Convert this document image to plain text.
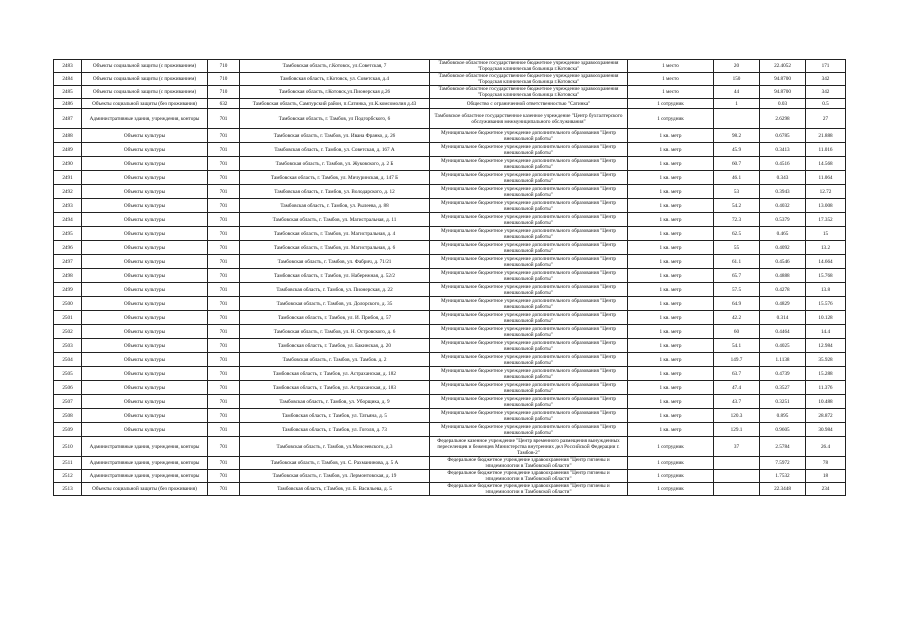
2483	Объекты социальной защиты (с проживанием)	710	Тамбовская область, г.Котовск, ул.Советская, 7	Тамбовское областное государственное бюджетное учреждение здравоохранения "Городская клиническая больница г.Котовска"	1 место	20	22.4052	171
2484	Объекты социальной защиты (с проживанием)	710	Тамбовская область, г.Котовск, ул. Советская, д.4	Тамбовское областное государственное бюджетное учреждение здравоохранения "Городская клиническая больница г.Котовска"	1 место	150	94.8700	342
2485	Объекты социальной защиты (с проживанием)	710	Тамбовская область, г.Котовск,ул.Пионерская д.26	Тамбовское областное государственное бюджетное учреждение здравоохранения "Городская клиническая больница г.Котовска"	1 место	44	94.8700	342
2486	Объекты социальной защиты (без проживания)	632	Тамбовская область, Сампурский район, п.Сатинка, ул.К.комсомолия д.43	Общество с ограниченной ответственностью "Сатинка"	1 сотрудник	1	0.03	0.5
2487	Административные здания, учреждения, конторы	701	Тамбовская область, г. Тамбов, ул Подгорбского, 6	Тамбовское областное государственное казенное учреждение "Центр бухгалтерского обслуживания межмуниципального обслуживания"	1 сотрудник		2.6298	27
2488	Объекты культуры	701	Тамбовская область, г. Тамбов, ул. Ивана Франко, д. 26	Муниципальное бюджетное учреждение дополнительного образования "Центр внешкольной работы"	1 кв. метр	98.2	0.6785	21.888
2489	Объекты культуры	701	Тамбовская область, г. Тамбов, ул. Советская, д. 167 А	Муниципальное бюджетное учреждение дополнительного образования "Центр внешкольной работы"	1 кв. метр	45.9	0.3413	11.016
2490	Объекты культуры	701	Тамбовская область, г. Тамбов, ул. Жуковского, д. 2 Б	Муниципальное бюджетное учреждение дополнительного образования "Центр внешкольной работы"	1 кв. метр	60.7	0.4516	14.568
2491	Объекты культуры	701	Тамбовская область, г. Тамбов, ул. Мичуринская, д. 147 Б	Муниципальное бюджетное учреждение дополнительного образования "Центр внешкольной работы"	1 кв. метр	46.1	0.343	11.064
2492	Объекты культуры	701	Тамбовская область, г. Тамбов, ул. Володарского, д. 12	Муниципальное бюджетное учреждение дополнительного образования "Центр внешкольной работы"	1 кв. метр	53	0.3943	12.72
2493	Объекты культуры	701	Тамбовская область, г. Тамбов, ул. Рылеева, д. 88	Муниципальное бюджетное учреждение дополнительного образования "Центр внешкольной работы"	1 кв. метр	54.2	0.4032	13.008
2494	Объекты культуры	701	Тамбовская область, г. Тамбов, ул. Магистральная, д. 11	Муниципальное бюджетное учреждение дополнительного образования "Центр внешкольной работы"	1 кв. метр	72.3	0.5379	17.352
2495	Объекты культуры	701	Тамбовская область, г. Тамбов, ул. Магистральная, д. 4	Муниципальное бюджетное учреждение дополнительного образования "Центр внешкольной работы"	1 кв. метр	62.5	0.465	15
2496	Объекты культуры	701	Тамбовская область, г. Тамбов, ул. Магистральная, д. 6	Муниципальное бюджетное учреждение дополнительного образования "Центр внешкольной работы"	1 кв. метр	55	0.4092	13.2
2497	Объекты культуры	701	Тамбовская область, г. Тамбов, ул. Фабрич, д. 71/21	Муниципальное бюджетное учреждение дополнительного образования "Центр внешкольной работы"	1 кв. метр	61.1	0.4546	14.664
2498	Объекты культуры	701	Тамбовская область, г. Тамбов, ул. Набережная, д. 52/2	Муниципальное бюджетное учреждение дополнительного образования "Центр внешкольной работы"	1 кв. метр	65.7	0.4888	15.768
2499	Объекты культуры	701	Тамбовская область, г. Тамбов, ул. Пионерская, д. 22	Муниципальное бюджетное учреждение дополнительного образования "Центр внешкольной работы"	1 кв. метр	57.5	0.4278	13.8
2500	Объекты культуры	701	Тамбовская область, г. Тамбов, ул. Долорского, д. 35	Муниципальное бюджетное учреждение дополнительного образования "Центр внешкольной работы"	1 кв. метр	64.9	0.4829	15.576
2501	Объекты культуры	701	Тамбовская область, г. Тамбов, ул. И. Прибоя, д. 57	Муниципальное бюджетное учреждение дополнительного образования "Центр внешкольной работы"	1 кв. метр	42.2	0.314	10.128
2502	Объекты культуры	701	Тамбовская область, г. Тамбов, ул. Н. Островского, д. 6	Муниципальное бюджетное учреждение дополнительного образования "Центр внешкольной работы"	1 кв. метр	60	0.4464	14.4
2503	Объекты культуры	701	Тамбовская область, г. Тамбов, ул. Бакинская, д. 20	Муниципальное бюджетное учреждение дополнительного образования "Центр внешкольной работы"	1 кв. метр	54.1	0.4025	12.984
2504	Объекты культуры	701	Тамбовская область, г. Тамбов, ул. Тамбов. д. 2	Муниципальное бюджетное учреждение дополнительного образования "Центр внешкольной работы"	1 кв. метр	149.7	1.1138	35.928
2505	Объекты культуры	701	Тамбовская область, г. Тамбов, ул. Астраханская, д. 182	Муниципальное бюджетное учреждение дополнительного образования "Центр внешкольной работы"	1 кв. метр	63.7	0.4739	15.288
2506	Объекты культуры	701	Тамбовская область, г. Тамбов, ул. Астраханская, д. 183	Муниципальное бюджетное учреждение дополнительного образования "Центр внешкольной работы"	1 кв. метр	47.4	0.3527	11.376
2507	Объекты культуры	701	Тамбовская область, г. Тамбов, ул. Уборщика, д. 9	Муниципальное бюджетное учреждение дополнительного образования "Центр внешкольной работы"	1 кв. метр	43.7	0.3251	10.488
2508	Объекты культуры	701	Тамбовская область, г. Тамбов, ул. Татьяна, д. 5	Муниципальное бюджетное учреждение дополнительного образования "Центр внешкольной работы"	1 кв. метр	120.3	0.895	28.872
2509	Объекты культуры	701	Тамбовская область, г. Тамбов, ул. Гоголя, д. 73	Муниципальное бюджетное учреждение дополнительного образования "Центр внешкольной работы"	1 кв. метр	129.1	0.9605	30.984
2510	Административные здания, учреждения, конторы	701	Тамбовская область, г. Тамбов, ул.Моисеевского, д.3	Федеральное казенное учреждение "Центр временного размещения вынужденных переселенцев и беженцев Министерства внутренних дел Российской Федерации г. Тамбов-2"	1 сотрудник	37	2.5784	26.4
2511	Административные здания, учреждения, конторы	701	Тамбовская область, г. Тамбов, ул. С. Рахманинова, д. 5 А	Федеральное бюджетное учреждение здравоохранения "Центр гигиены и эпидемиологии в Тамбовской области"	1 сотрудник		7.5972	78
2512	Административные здания, учреждения, конторы	701	Тамбовская область, г. Тамбов, ул. Лермонтовская, д. 19	Федеральное бюджетное учреждение здравоохранения "Центр гигиены и эпидемиологии в Тамбовской области"	1 сотрудник		1.7532	18
2513	Объекты социальной защиты (без проживания)	701	Тамбовская область, г.Тамбов, ул. Б. Васильева, д. 5	Федеральное бюджетное учреждение здравоохранения "Центр гигиены и эпидемиологии в Тамбовской области"	1 сотрудник		22.3448	234
